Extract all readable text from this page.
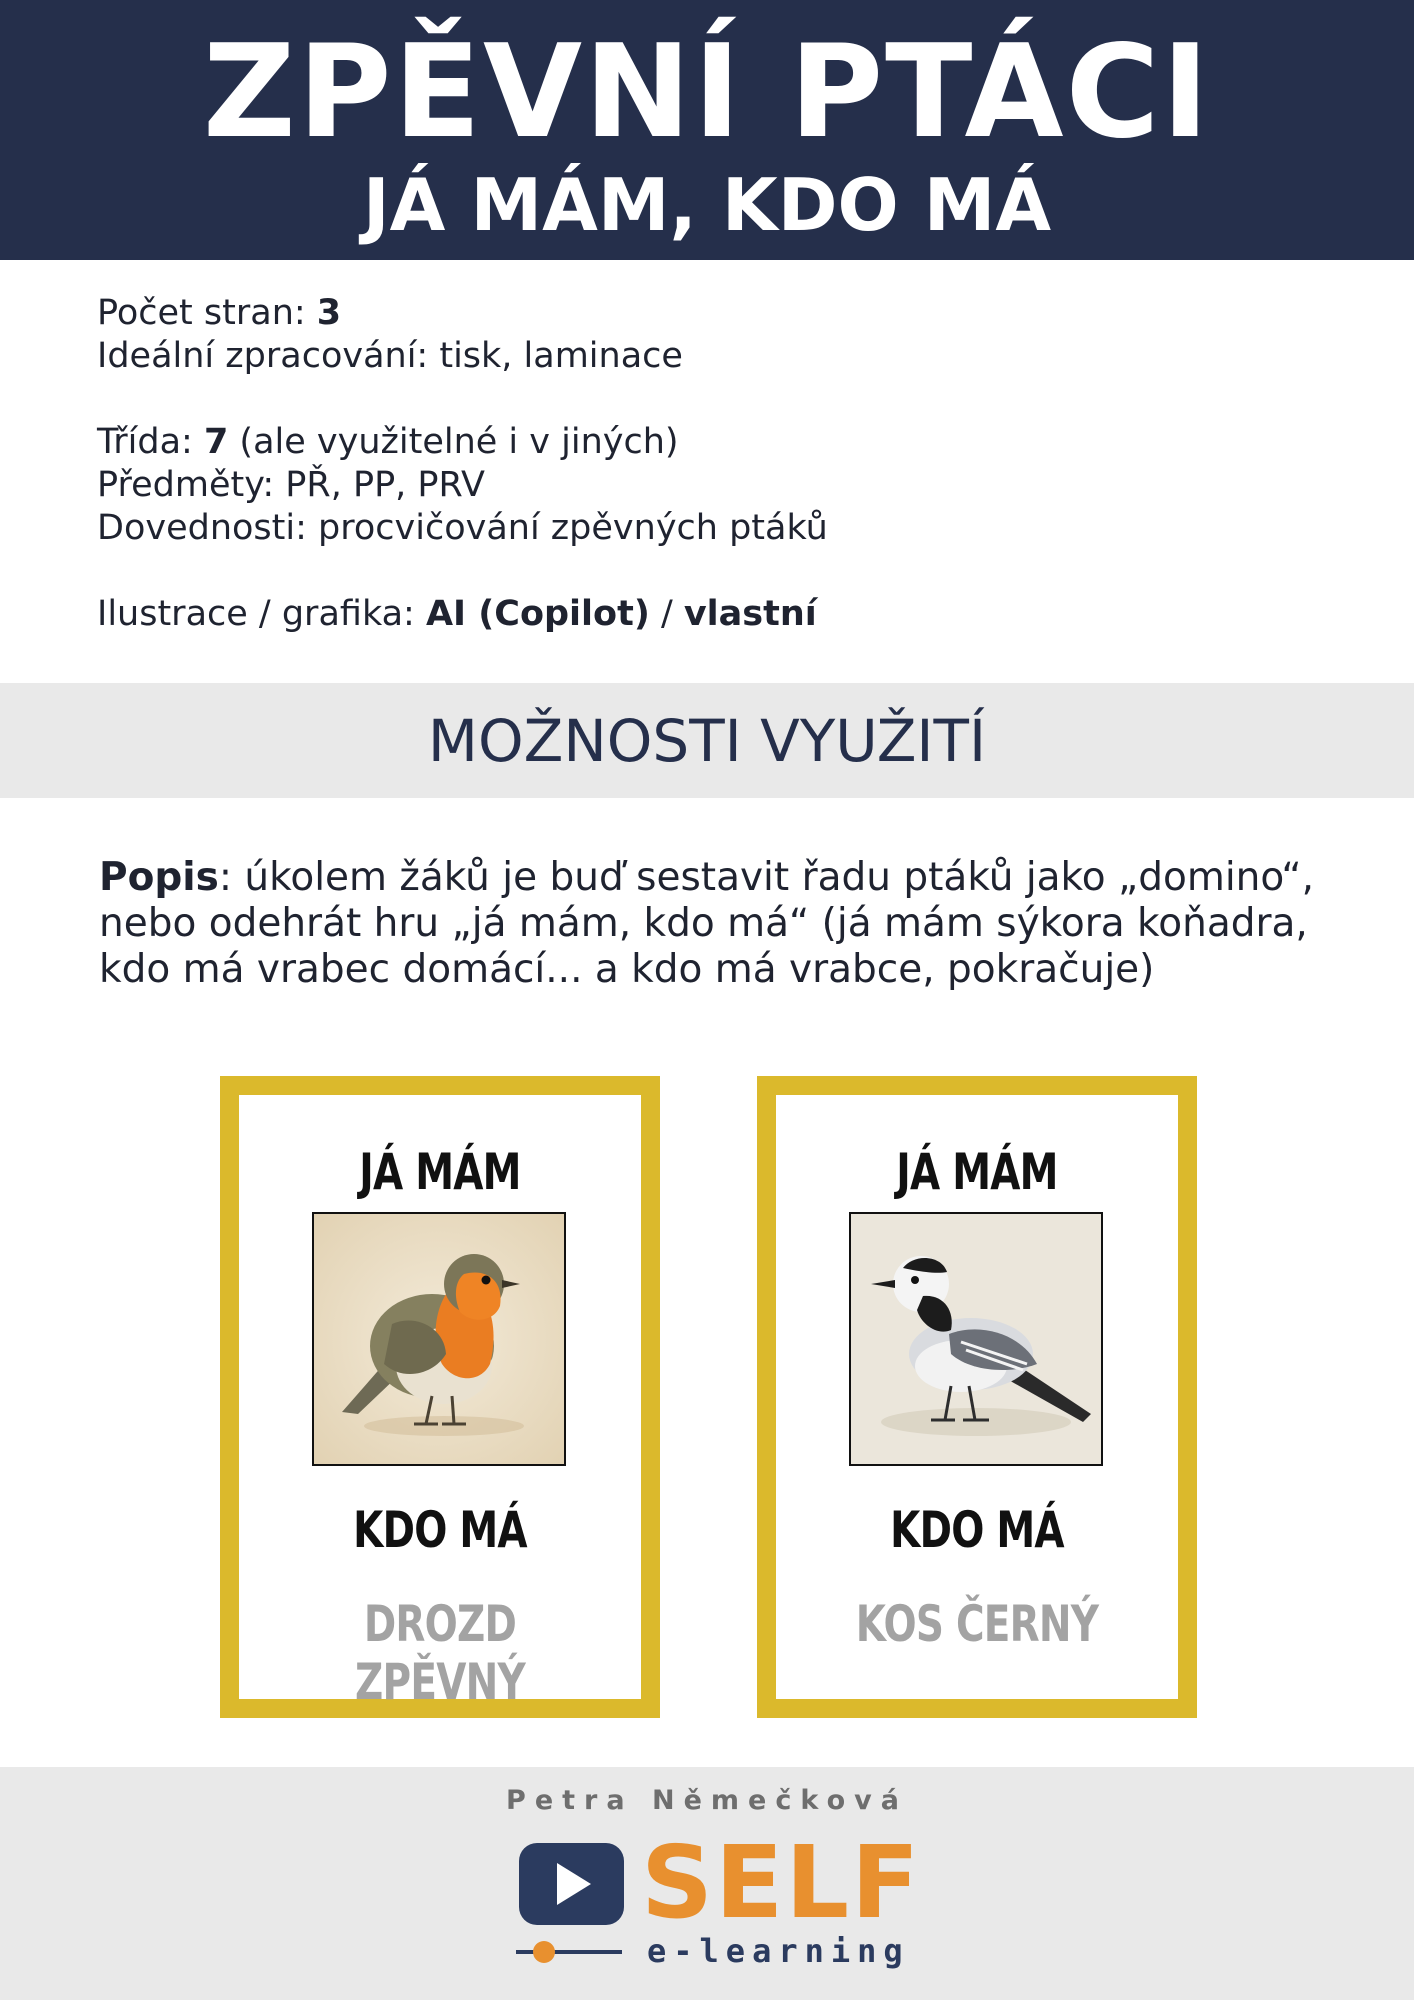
ZPĚVNÍ PTÁCI
JÁ MÁM, KDO MÁ
Počet stran: 3
Ideální zpracování: tisk, laminace
Třída: 7 (ale využitelné i v jiných)
Předměty: PŘ, PP, PRV
Dovednosti: procvičování zpěvných ptáků
Ilustrace / grafika: AI (Copilot) / vlastní
MOŽNOSTI VYUŽITÍ
Popis: úkolem žáků je buď sestavit řadu ptáků jako „domino“, nebo odehrát hru „já mám, kdo má“ (já mám sýkora koňadra, kdo má vrabec domácí... a kdo má vrabce, pokračuje)
JÁ MÁM
KDO MÁ
DROZD ZPĚVNÝ
JÁ MÁM
KDO MÁ
KOS ČERNÝ
Petra Němečková
SELF
e-learning
